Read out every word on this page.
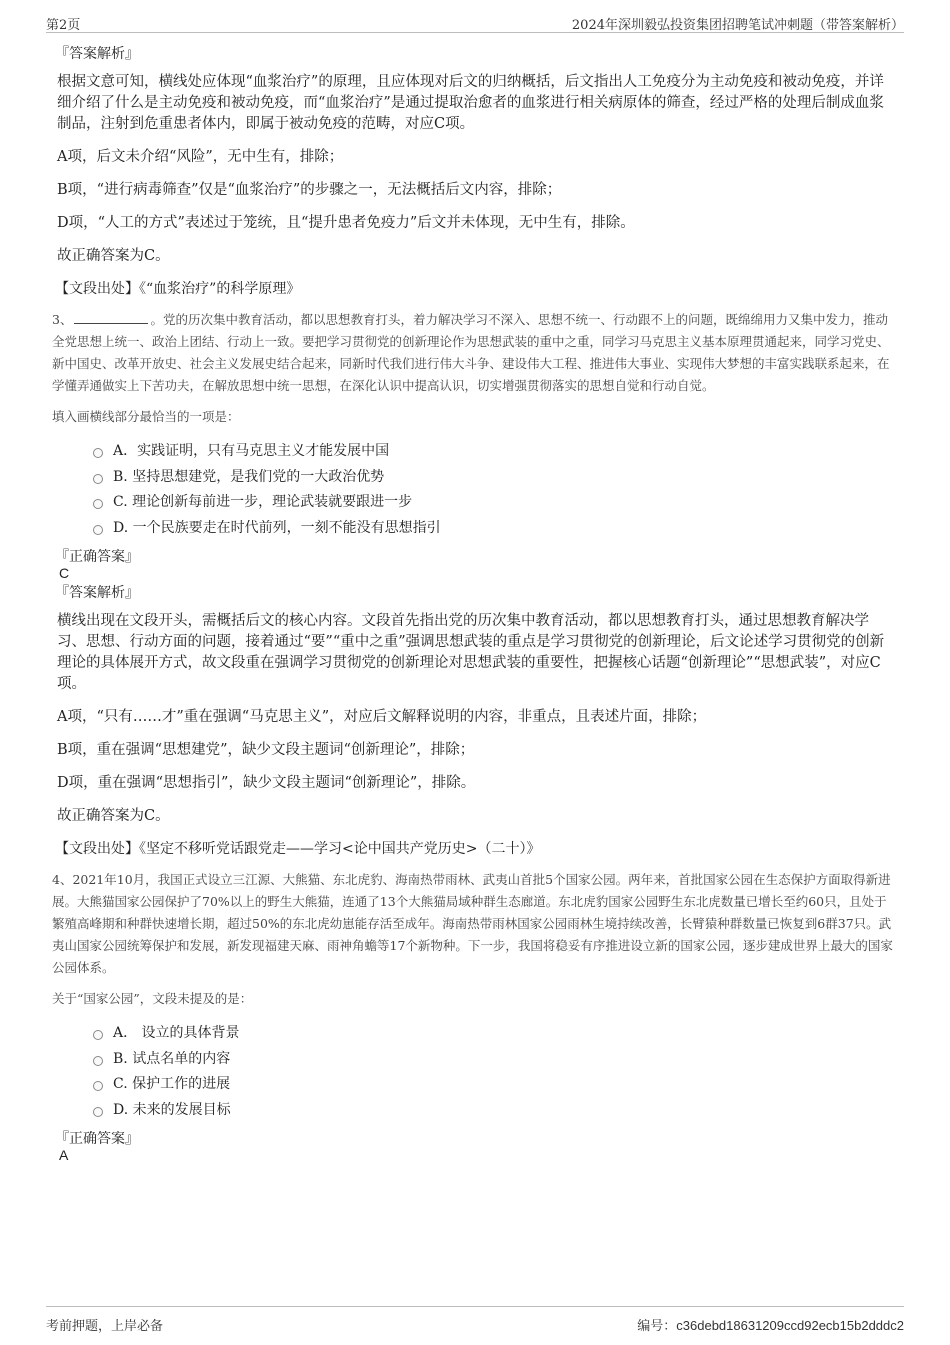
第2页	2024年深圳毅弘投资集团招聘笔试冲刺题（带答案解析）
『答案解析』

根据文意可知，横线处应体现“血浆治疗”的原理，且应体现对后文的归纳概括，后文指出人工免疫分为主动免疫和被动免疫，并详细介绍了什么是主动免疫和被动免疫，而“血浆治疗”是通过提取治愈者的血浆进行相关病原体的筛查，经过严格的处理后制成血浆制品，注射到危重患者体内，即属于被动免疫的范畴，对应C项。

A项，后文未介绍“风险”，无中生有，排除；

B项，“进行病毒筛查”仅是“血浆治疗”的步骤之一，无法概括后文内容，排除；

D项，“人工的方式”表述过于笼统，且“提升患者免疫力”后文并未体现，无中生有，排除。

故正确答案为C。

【文段出处】《“血浆治疗”的科学原理》
3、	。党的历次集中教育活动，都以思想教育打头，着力解决学习不深入、思想不统一、行动跟不上的问题，既绵绵用力又集中发力，推动全党思想上统一、政治上团结、行动上一致。要把学习贯彻党的创新理论作为思想武装的重中之重，同学习马克思主义基本原理贯通起来，同学习党史、新中国史、改革开放史、社会主义发展史结合起来，同新时代我们进行伟大斗争、建设伟大工程、推进伟大事业、实现伟大梦想的丰富实践联系起来，在学懂弄通做实上下苦功夫，在解放思想中统一思想，在深化认识中提高认识，切实增强贯彻落实的思想自觉和行动自觉。
填入画横线部分最恰当的一项是：
A．实践证明，只有马克思主义才能发展中国
B. 坚持思想建党，是我们党的一大政治优势
C. 理论创新每前进一步，理论武装就要跟进一步
D. 一个民族要走在时代前列，一刻不能没有思想指引
『正确答案』
C
『答案解析』

横线出现在文段开头，需概括后文的核心内容。文段首先指出党的历次集中教育活动，都以思想教育打头，通过思想教育解决学习、思想、行动方面的问题，接着通过“要”“重中之重”强调思想武装的重点是学习贯彻党的创新理论，后文论述学习贯彻党的创新理论的具体展开方式，故文段重在强调学习贯彻党的创新理论对思想武装的重要性，把握核心话题“创新理论”“思想武装”，对应C项。

A项，“只有……才”重在强调“马克思主义”，对应后文解释说明的内容，非重点，且表述片面，排除；

B项，重在强调“思想建党”，缺少文段主题词“创新理论”，排除；

D项，重在强调“思想指引”，缺少文段主题词“创新理论”，排除。

故正确答案为C。

【文段出处】《坚定不移听党话跟党走——学习<论中国共产党历史>（二十）》
4、2021年10月，我国正式设立三江源、大熊猫、东北虎豹、海南热带雨林、武夷山首批5个国家公园。两年来，首批国家公园在生态保护方面取得新进展。大熊猫国家公园保护了70%以上的野生大熊猫，连通了13个大熊猫局域种群生态廊道。东北虎豹国家公园野生东北虎数量已增长至约60只，且处于繁殖高峰期和种群快速增长期，超过50%的东北虎幼崽能存活至成年。海南热带雨林国家公园雨林生境持续改善，长臂猿种群数量已恢复到6群37只。武夷山国家公园统筹保护和发展，新发现福建天麻、雨神角蟾等17个新物种。下一步，我国将稳妥有序推进设立新的国家公园，逐步建成世界上最大的国家公园体系。
关于“国家公园”，文段未提及的是：
A． 设立的具体背景
B. 试点名单的内容
C. 保护工作的进展
D. 未来的发展目标
『正确答案』
A
考前押题，上岸必备	编号：c36debd18631209ccd92ecb15b2dddc2
